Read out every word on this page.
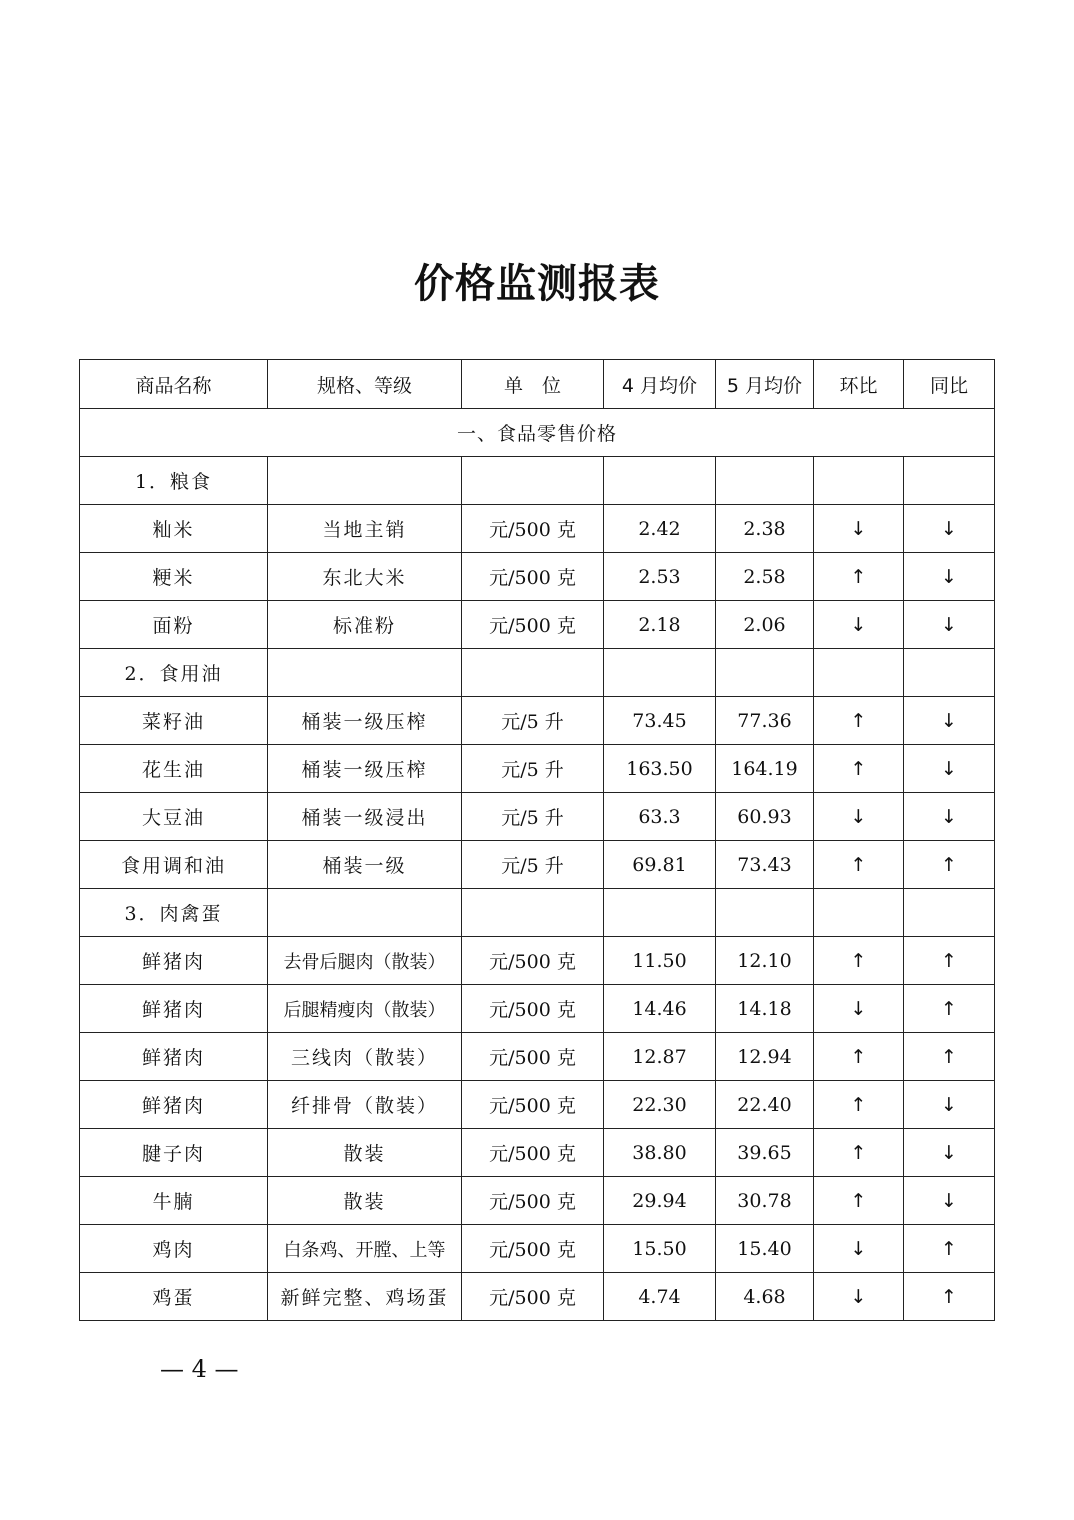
价格监测报表
商品名称	规格、等级	单　位	4 月均价	5 月均价	环比	同比
一、食品零售价格						
1．粮食						
籼米	当地主销	元/500 克	2.42	2.38	↓	↓
粳米	东北大米	元/500 克	2.53	2.58	↑	↓
面粉	标准粉	元/500 克	2.18	2.06	↓	↓
2．食用油						
菜籽油	桶装一级压榨	元/5 升	73.45	77.36	↑	↓
花生油	桶装一级压榨	元/5 升	163.50	164.19	↑	↓
大豆油	桶装一级浸出	元/5 升	63.3	60.93	↓	↓
食用调和油	桶装一级	元/5 升	69.81	73.43	↑	↑
3．肉禽蛋						
鲜猪肉	去骨后腿肉（散装）	元/500 克	11.50	12.10	↑	↑
鲜猪肉	后腿精瘦肉（散装）	元/500 克	14.46	14.18	↓	↑
鲜猪肉	三线肉（散装）	元/500 克	12.87	12.94	↑	↑
鲜猪肉	纤排骨（散装）	元/500 克	22.30	22.40	↑	↓
腱子肉	散装	元/500 克	38.80	39.65	↑	↓
牛腩	散装	元/500 克	29.94	30.78	↑	↓
鸡肉	白条鸡、开膛、上等	元/500 克	15.50	15.40	↓	↑
鸡蛋	新鲜完整、鸡场蛋	元/500 克	4.74	4.68	↓	↑
— 4 —
